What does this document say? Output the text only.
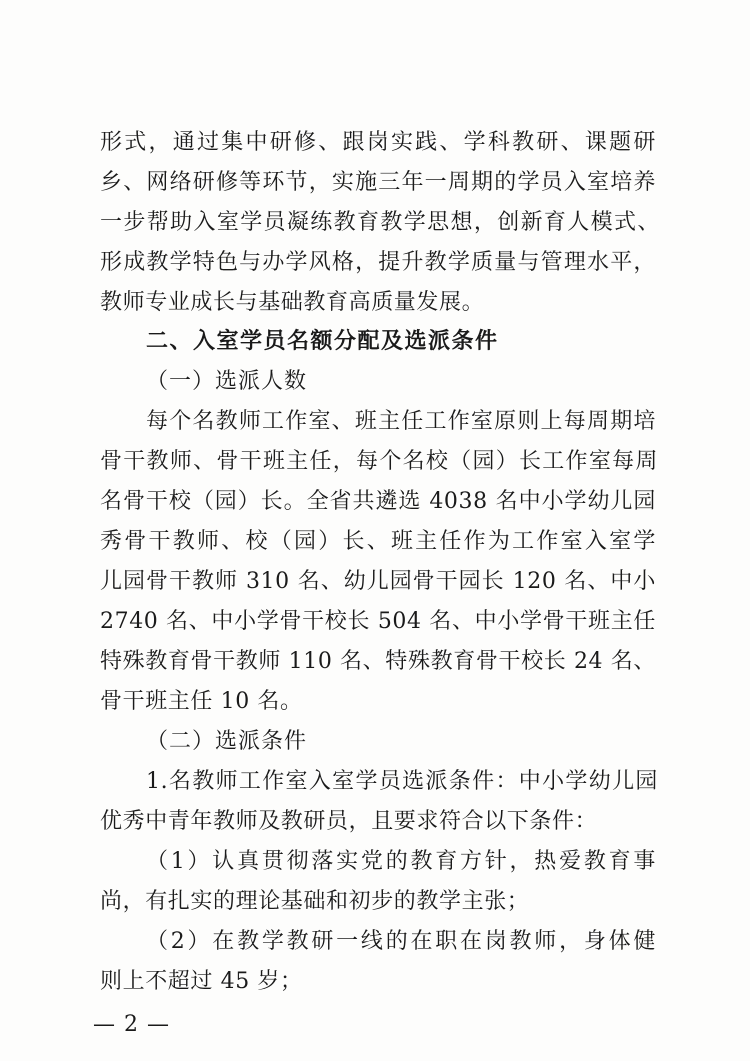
形式，通过集中研修、跟岗实践、学科教研、课题研
乡、网络研修等环节，实施三年一周期的学员入室培养
一步帮助入室学员凝练教育教学思想，创新育人模式、
形成教学特色与办学风格，提升教学质量与管理水平，
教师专业成长与基础教育高质量发展。
二、入室学员名额分配及选派条件
（一）选派人数
每个名教师工作室、班主任工作室原则上每周期培
骨干教师、骨干班主任，每个名校（园）长工作室每周
名骨干校（园）长。全省共遴选 4038 名中小学幼儿园
秀骨干教师、校（园）长、班主任作为工作室入室学
儿园骨干教师 310 名、幼儿园骨干园长 120 名、中小
2740 名、中小学骨干校长 504 名、中小学骨干班主任
特殊教育骨干教师 110 名、特殊教育骨干校长 24 名、
骨干班主任 10 名。
（二）选派条件
1.名教师工作室入室学员选派条件：中小学幼儿园
优秀中青年教师及教研员，且要求符合以下条件：
（1）认真贯彻落实党的教育方针，热爱教育事
尚，有扎实的理论基础和初步的教学主张；
（2）在教学教研一线的在职在岗教师，身体健
则上不超过 45 岁；
— 2 —
